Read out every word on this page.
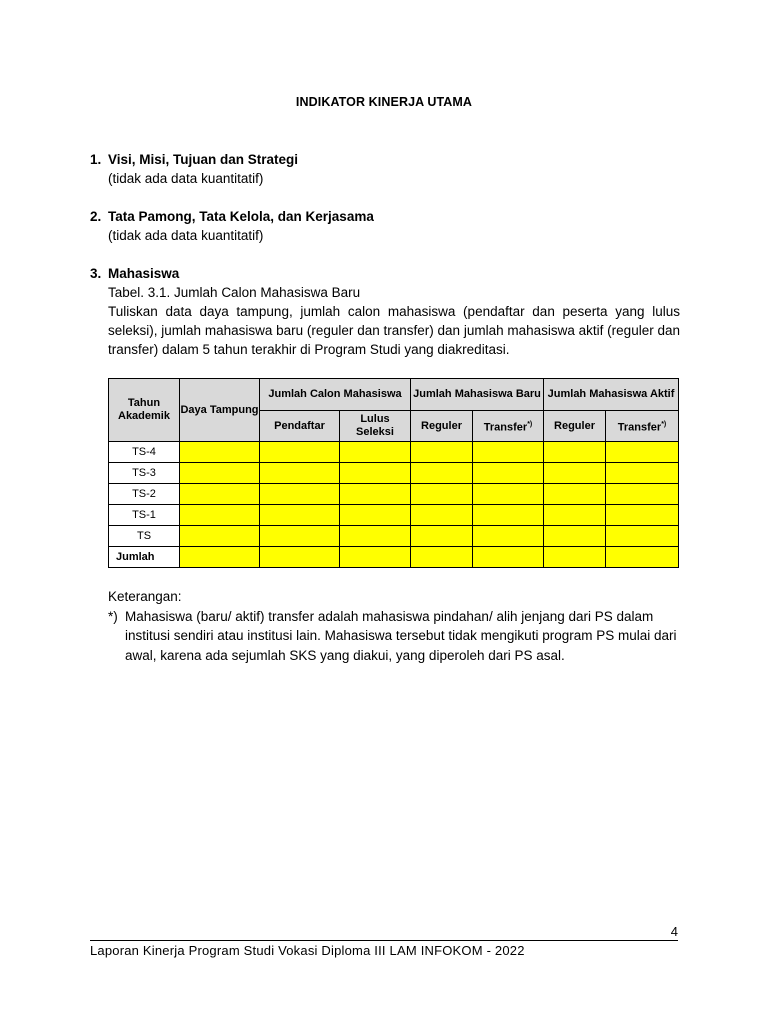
INDIKATOR KINERJA UTAMA
1. Visi, Misi, Tujuan dan Strategi
(tidak ada data kuantitatif)
2. Tata Pamong, Tata Kelola, dan Kerjasama
(tidak ada data kuantitatif)
3. Mahasiswa
Tabel. 3.1. Jumlah Calon Mahasiswa Baru
Tuliskan data daya tampung, jumlah calon mahasiswa (pendaftar dan peserta yang lulus seleksi), jumlah mahasiswa baru (reguler dan transfer) dan jumlah mahasiswa aktif (reguler dan transfer) dalam 5 tahun terakhir di Program Studi yang diakreditasi.
Tahun Akademik	Daya Tampung	Jumlah Calon Mahasiswa		Jumlah Mahasiswa Baru		Jumlah Mahasiswa Aktif	
		Pendaftar	Lulus Seleksi	Reguler	Transfer*)	Reguler	Transfer*)
TS-4							
TS-3							
TS-2							
TS-1							
TS							
Jumlah							
Keterangan:
*) Mahasiswa (baru/ aktif) transfer adalah mahasiswa pindahan/ alih jenjang dari PS dalam institusi sendiri atau institusi lain. Mahasiswa tersebut tidak mengikuti program PS mulai dari awal, karena ada sejumlah SKS yang diakui, yang diperoleh dari PS asal.
4
Laporan Kinerja Program Studi Vokasi Diploma III LAM INFOKOM - 2022
